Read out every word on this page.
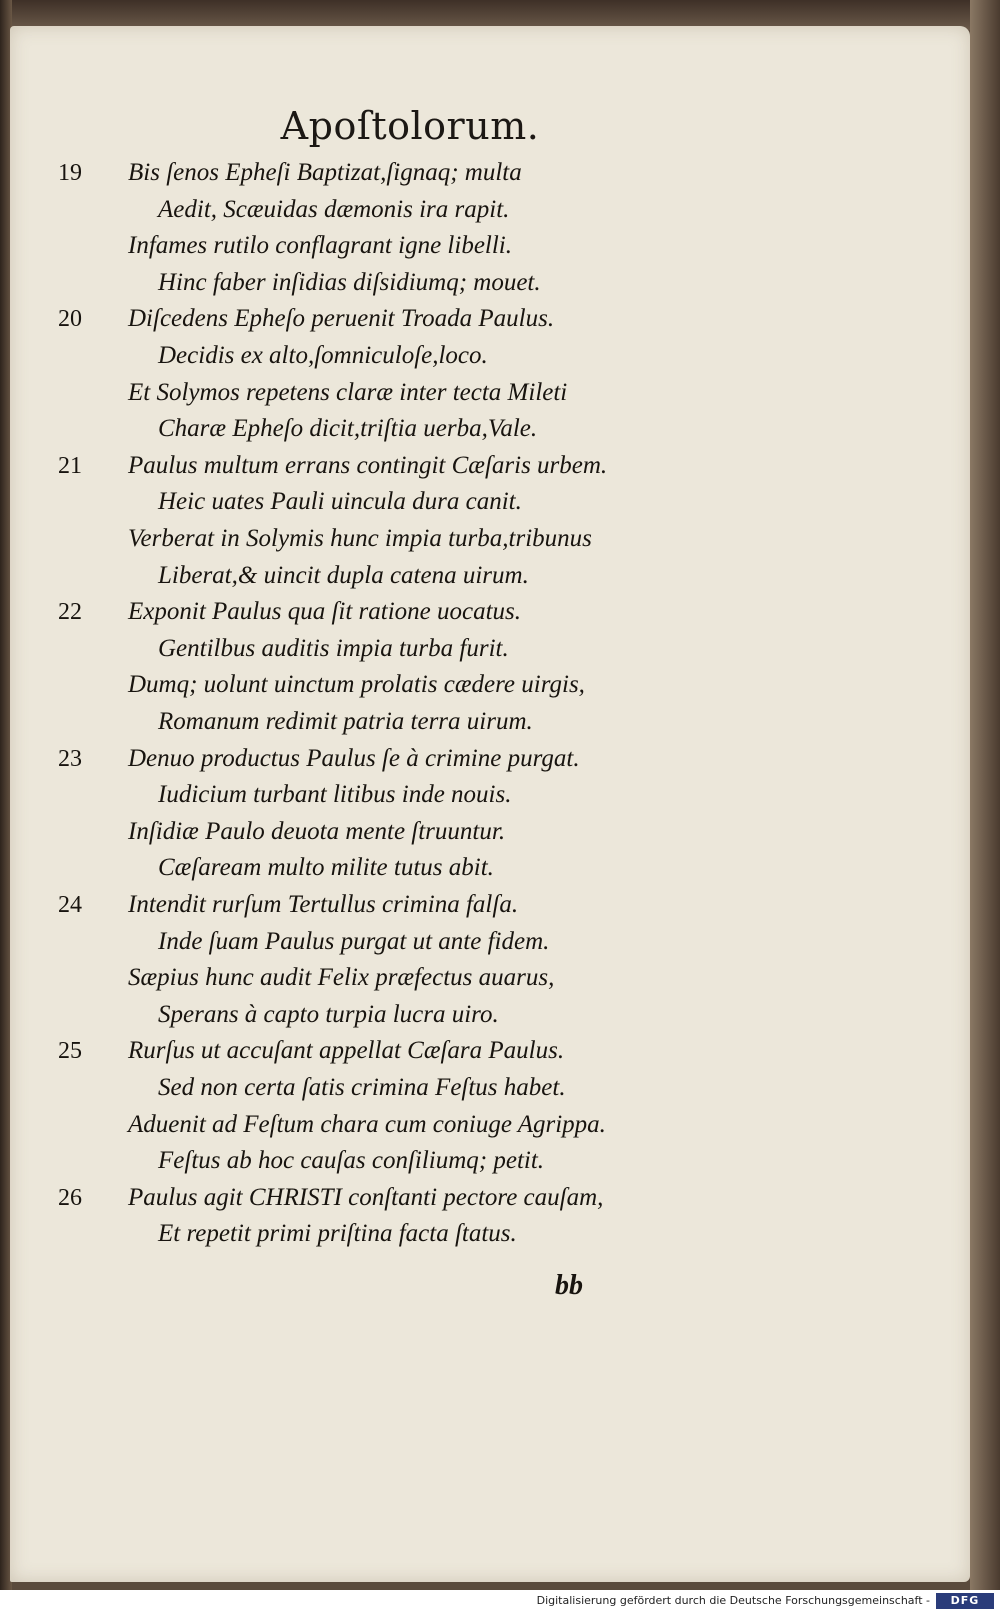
Apoſtolorum.
19 Bis ſenos Epheſi Baptizat,ſignaq; multa
Aedit, Scæuidas dæmonis ira rapit.
Infames rutilo conflagrant igne libelli.
Hinc faber inſidias diſsidiumq; mouet.
20 Diſcedens Epheſo peruenit Troada Paulus.
Decidis ex alto,ſomniculoſe,loco.
Et Solymos repetens claræ inter tecta Mileti
Charæ Epheſo dicit,triſtia uerba,Vale.
21 Paulus multum errans contingit Cæſaris urbem.
Heic uates Pauli uincula dura canit.
Verberat in Solymis hunc impia turba,tribunus
Liberat,& uincit dupla catena uirum.
22 Exponit Paulus qua ſit ratione uocatus.
Gentilbus auditis impia turba furit.
Dumq; uolunt uinctum prolatis cædere uirgis,
Romanum redimit patria terra uirum.
23 Denuo productus Paulus ſe à crimine purgat.
Iudicium turbant litibus inde nouis.
Inſidiæ Paulo deuota mente ſtruuntur.
Cæſaream multo milite tutus abit.
24 Intendit rurſum Tertullus crimina falſa.
Inde ſuam Paulus purgat ut ante fidem.
Sæpius hunc audit Felix præfectus auarus,
Sperans à capto turpia lucra uiro.
25 Rurſus ut accuſant appellat Cæſara Paulus.
Sed non certa ſatis crimina Feſtus habet.
Aduenit ad Feſtum chara cum coniuge Agrippa.
Feſtus ab hoc cauſas conſiliumq; petit.
26 Paulus agit CHRISTI conſtanti pectore cauſam,
Et repetit primi priſtina facta ſtatus.
bb
Digitalisierung gefördert durch die Deutsche Forschungsgemeinschaft -	DFG
